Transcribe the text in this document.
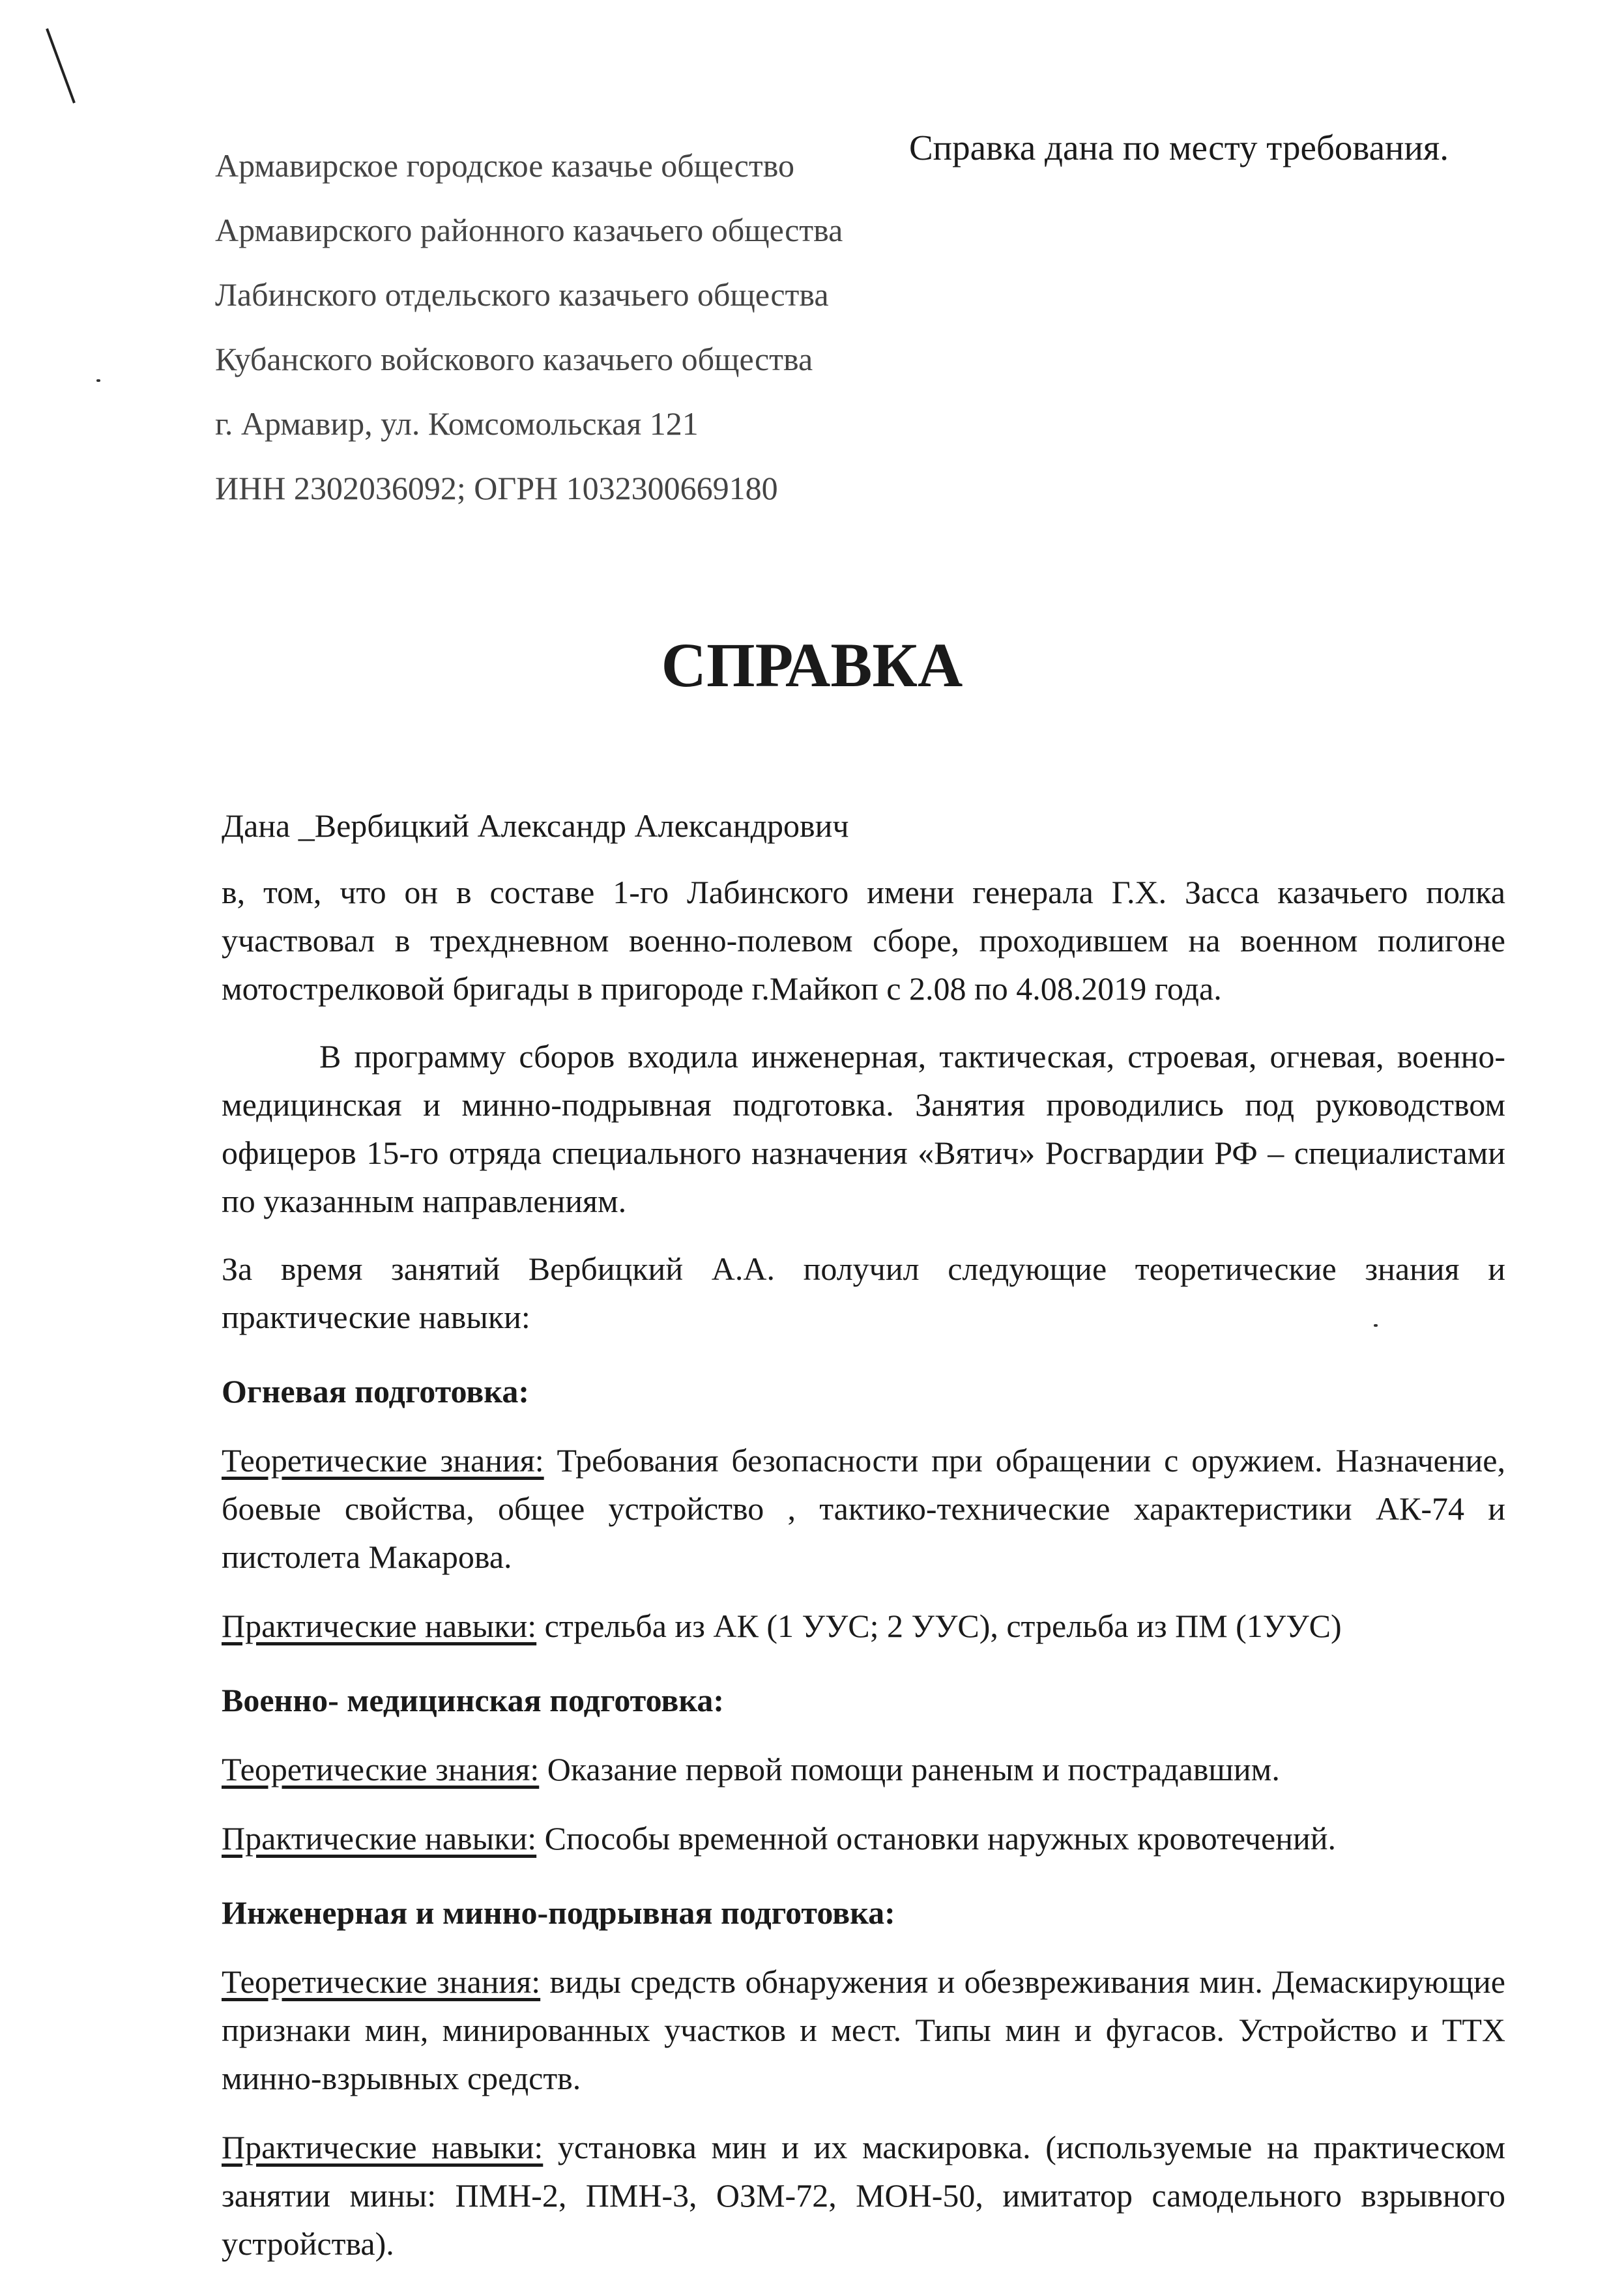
Армавирское городское казачье общество
Армавирского районного казачьего общества
Лабинского отдельского казачьего общества
Кубанского войскового казачьего общества
г. Армавир, ул. Комсомольская 121
ИНН 2302036092; ОГРН 1032300669180
Справка дана по месту требования.
СПРАВКА

Дана _Вербицкий Александр Александрович

в, том, что он в составе 1-го Лабинского имени генерала Г.Х. Засса казачьего полка участвовал в трехдневном военно-полевом сборе, проходившем на военном полигоне мотострелковой бригады в пригороде г.Майкоп с 2.08 по 4.08.2019 года.

В программу сборов входила инженерная, тактическая, строевая, огневая, военно-медицинская и минно-подрывная подготовка. Занятия проводились под руководством офицеров 15-го отряда специального назначения «Вятич» Росгвардии РФ – специалистами по указанным направлениям.

За время занятий Вербицкий А.А. получил следующие теоретические знания и практические навыки:

Огневая подготовка:

Теоретические знания: Требования безопасности при обращении с оружием. Назначение, боевые свойства, общее устройство , тактико-технические характеристики АК-74 и пистолета Макарова.

Практические навыки: стрельба из АК (1 УУС; 2 УУС), стрельба из ПМ (1УУС)

Военно- медицинская подготовка:

Теоретические знания: Оказание первой помощи раненым и пострадавшим.

Практические навыки: Способы временной остановки наружных кровотечений.

Инженерная и минно-подрывная подготовка:

Теоретические знания: виды средств обнаружения и обезвреживания мин. Демаскирующие признаки мин, минированных участков и мест. Типы мин и фугасов. Устройство и ТТХ минно-взрывных средств.

Практические навыки: установка мин и их маскировка. (используемые на практическом занятии мины: ПМН-2, ПМН-3, ОЗМ-72, МОН-50, имитатор самодельного взрывного устройства).
